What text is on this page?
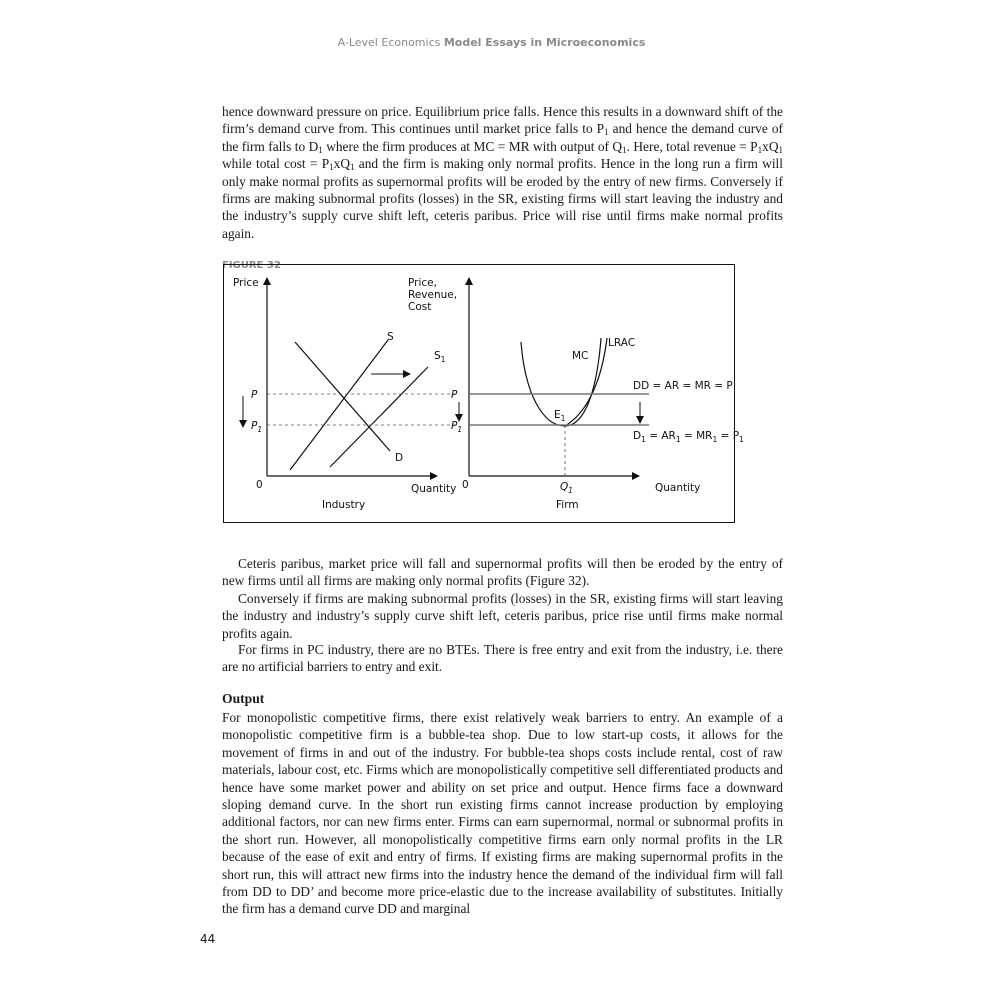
A-Level Economics Model Essays in Microeconomics

hence downward pressure on price. Equilibrium price falls. Hence this results in a downward shift of the firm’s demand curve from. This continues until market price falls to $P_1$ and hence the demand curve of the firm falls to $D_1$ where the firm produces at MC = MR with output of $Q_1$. Here, total revenue = $P_1xQ_1$ while total $\cos t = P_1xQ_1$ and the firm is making only normal profits. Hence in the long run a firm will only make normal profits as supernormal profits will be eroded by the entry of new firms. Conversely if firms are making subnormal profits (losses) in the SR, existing firms will start leaving the industry and the industry’s supply curve shift left, ceteris paribus. Price will rise until firms make normal profits again.

FIGURE 32
Price
Quantity
0
Industry
S
$S_1$
D
P
$P_1$
Price, Revenue, Cost
Quantity
0
Firm
MC
LRAC
DD = AR = MR = P
$D_1 = AR_1 = MR_1 = P_1$
$E_1$
$Q_1$
P
$P_1$

Ceteris paribus, market price will fall and supernormal profits will then be eroded by the entry of new firms until all firms are making only normal profits (Figure 32).

Conversely if firms are making subnormal profits (losses) in the SR, existing firms will start leaving the industry and industry’s supply curve shift left, ceteris paribus, price rise until firms make normal profits again.

For firms in PC industry, there are no BTEs. There is free entry and exit from the industry, i.e. there are no artificial barriers to entry and exit.

Output

For monopolistic competitive firms, there exist relatively weak barriers to entry. An example of a monopolistic competitive firm is a bubble-tea shop. Due to low start-up costs, it allows for the movement of firms in and out of the industry. For bubble-tea shops costs include rental, cost of raw materials, labour cost, etc. Firms which are monopolistically competitive sell differentiated products and hence have some market power and ability on set price and output. Hence firms face a downward sloping demand curve. In the short run existing firms cannot increase production by employing additional factors, nor can new firms enter. Firms can earn supernormal, normal or subnormal profits in the short run. However, all monopolistically competitive firms earn only normal profits in the LR because of the ease of exit and entry of firms. If existing firms are making supernormal profits in the short run, this will attract new firms into the industry hence the demand of the individual firm will fall from DD to DD’ and become more price-elastic due to the increase availability of substitutes. Initially the firm has a demand curve DD and marginal

44
